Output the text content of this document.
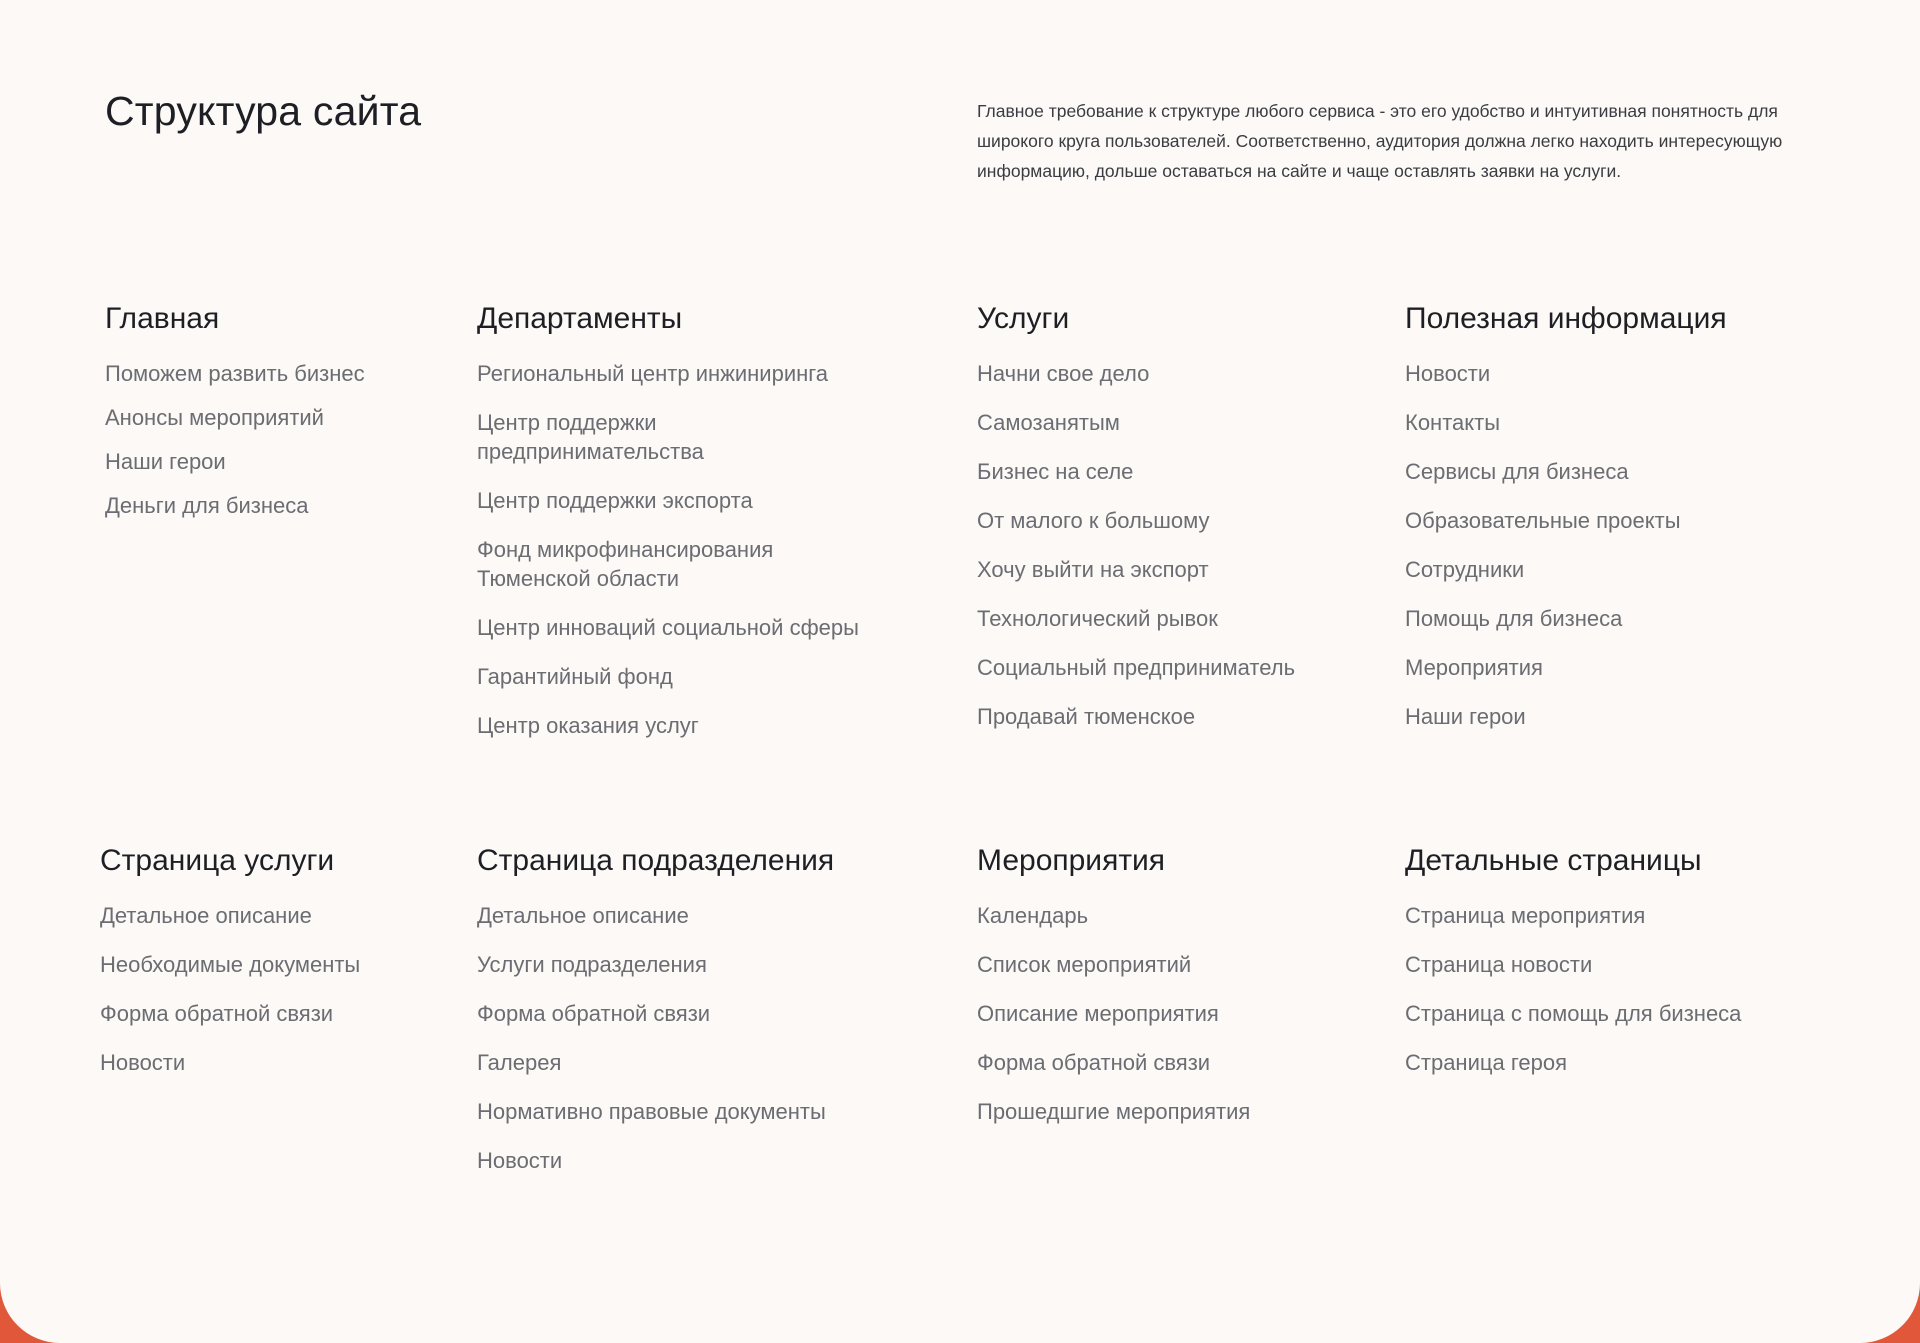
Структура сайта	Главное требование к структуре любого сервиса - это его удобство и интуитивная понятность для широкого круга пользователей. Соответственно, аудитория должна легко находить интересующую информацию, дольше оставаться на сайте и чаще оставлять заявки на услуги.

Главная
Поможем развить бизнес
Анонсы мероприятий
Наши герои
Деньги для бизнеса
Департаменты
Региональный центр инжиниринга
Центр поддержки
предпринимательства
Центр поддержки экспорта
Фонд микрофинансирования
Тюменской области
Центр инноваций социальной сферы
Гарантийный фонд
Центр оказания услуг
Услуги
Начни свое дело
Самозанятым
Бизнес на селе
От малого к большому
Хочу выйти на экспорт
Технологический рывок
Социальный предприниматель
Продавай тюменское
Полезная информация
Новости
Контакты
Сервисы для бизнеса
Образовательные проекты
Сотрудники
Помощь для бизнеса
Мероприятия
Наши герои
Страница услуги
Детальное описание
Необходимые документы
Форма обратной связи
Новости
Страница подразделения
Детальное описание
Услуги подразделения
Форма обратной связи
Галерея
Нормативно правовые документы
Новости
Мероприятия
Календарь
Список мероприятий
Описание мероприятия
Форма обратной связи
Прошедшгие мероприятия
Детальные страницы
Страница мероприятия
Страница новости
Страница с помощь для бизнеса
Страница героя
